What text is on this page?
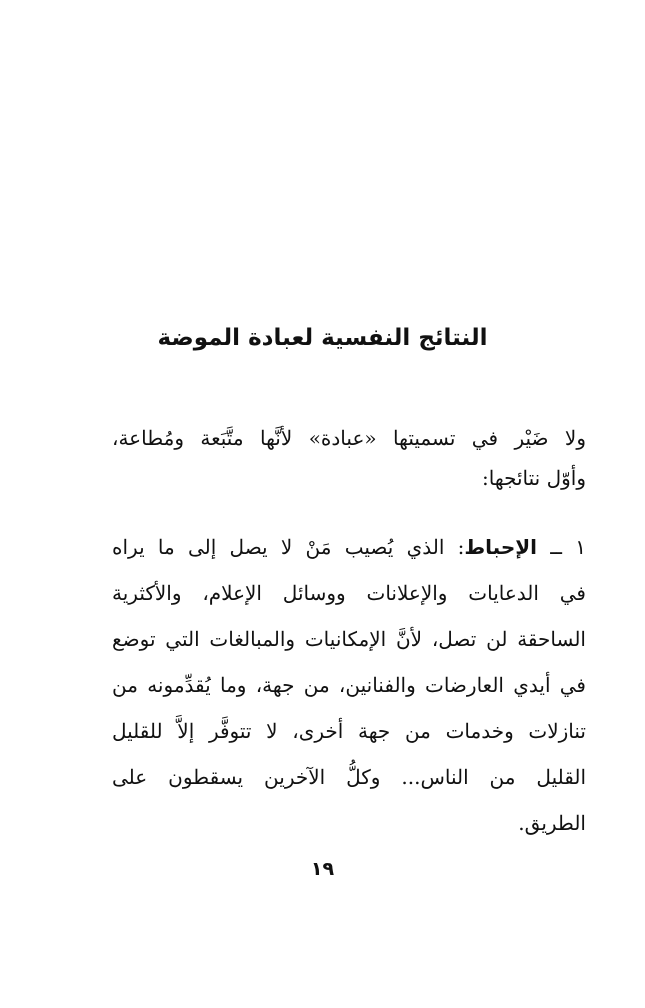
النتائج النفسية لعبادة الموضة
ولا ضَيْر في تسميتها «عبادة» لأنَّها متَّبَعة ومُطاعة،
وأوّل نتائجها:
١ ــ الإحباط: الذي يُصيب مَنْ لا يصل إلى ما يراه
في الدعايات والإعلانات ووسائل الإعلام، والأكثرية
الساحقة لن تصل، لأنَّ الإمكانيات والمبالغات التي توضع
في أيدي العارضات والفنانين، من جهة، وما يُقدِّمونه من
تنازلات وخدمات من جهة أخرى، لا تتوفَّر إلاَّ للقليل
القليل من الناس... وكلُّ الآخرين يسقطون على
الطريق.
١٩
